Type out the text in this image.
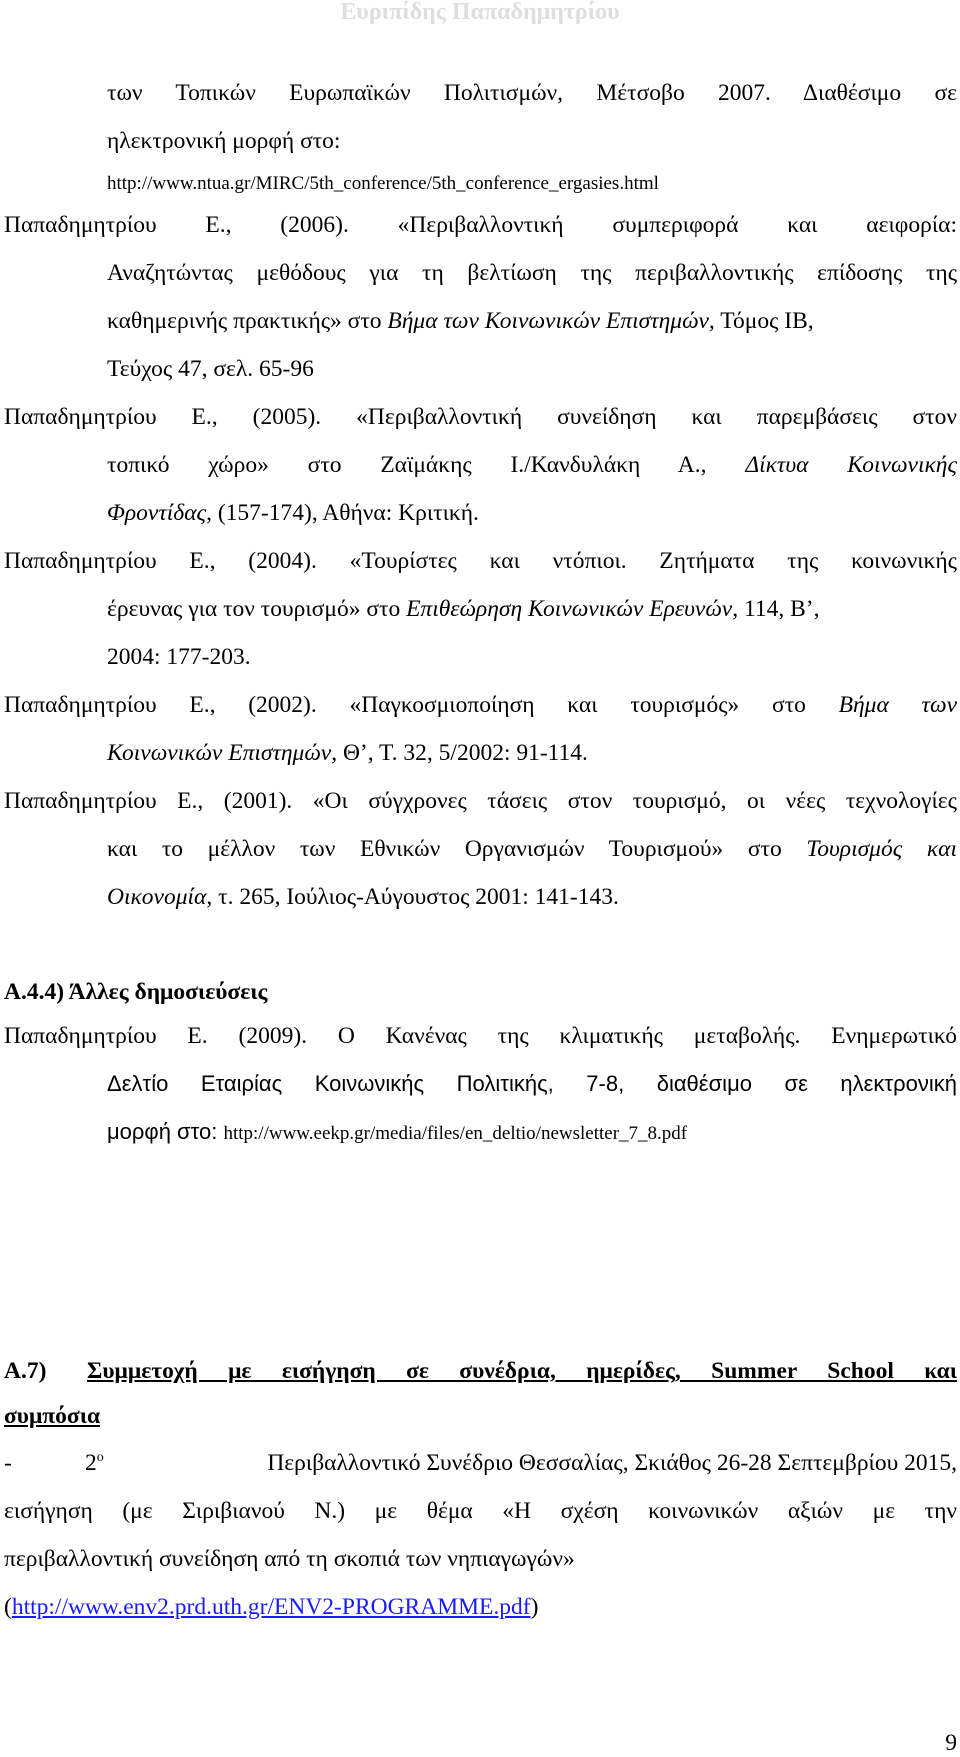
Ευριπίδης Παπαδημητρίου
των Τοπικών Ευρωπαϊκών Πολιτισμών, Μέτσοβο 2007. Διαθέσιμο σε
ηλεκτρονική μορφή στο:
http://www.ntua.gr/MIRC/5th_conference/5th_conference_ergasies.html
Παπαδημητρίου Ε., (2006). «Περιβαλλοντική συμπεριφορά και αειφορία:
Αναζητώντας μεθόδους για τη βελτίωση της περιβαλλοντικής επίδοσης της
καθημερινής πρακτικής» στο Βήμα των Κοινωνικών Επιστημών, Τόμος ΙΒ,
Τεύχος 47, σελ. 65-96
Παπαδημητρίου Ε., (2005). «Περιβαλλοντική συνείδηση και παρεμβάσεις στον
τοπικό χώρο» στο Ζαϊμάκης Ι./Κανδυλάκη Α., Δίκτυα Κοινωνικής
Φροντίδας, (157-174), Αθήνα: Κριτική.
Παπαδημητρίου Ε., (2004). «Τουρίστες και ντόπιοι. Ζητήματα της κοινωνικής
έρευνας για τον τουρισμό» στο Επιθεώρηση Κοινωνικών Ερευνών, 114, Β’,
2004: 177-203.
Παπαδημητρίου Ε., (2002). «Παγκοσμιοποίηση και τουρισμός» στο Βήμα των
Κοινωνικών Επιστημών, Θ’, Τ. 32, 5/2002: 91-114.
Παπαδημητρίου Ε., (2001). «Οι σύγχρονες τάσεις στον τουρισμό, οι νέες τεχνολογίες
και το μέλλον των Εθνικών Οργανισμών Τουρισμού» στο Τουρισμός και
Οικονομία, τ. 265, Ιούλιος-Αύγουστος 2001: 141-143.
Α.4.4) Άλλες δημοσιεύσεις
Παπαδημητρίου Ε. (2009). Ο Κανένας της κλιματικής μεταβολής. Ενημερωτικό
Δελτίο Εταιρίας Κοινωνικής Πολιτικής, 7-8, διαθέσιμο σε ηλεκτρονική
μορφή στο: http://www.eekp.gr/media/files/en_deltio/newsletter_7_8.pdf
Α.7) Συμμετοχή με εισήγηση σε συνέδρια, ημερίδες, Summer School και
συμπόσια
-	$2^o$	Περιβαλλοντικό Συνέδριο Θεσσαλίας, Σκιάθος 26-28 Σεπτεμβρίου 2015,
εισήγηση (με Σιριβιανού Ν.) με θέμα «Η σχέση κοινωνικών αξιών με την
περιβαλλοντική συνείδηση από τη σκοπιά των νηπιαγωγών»
(http://www.env2.prd.uth.gr/ENV2-PROGRAMME.pdf)
9
